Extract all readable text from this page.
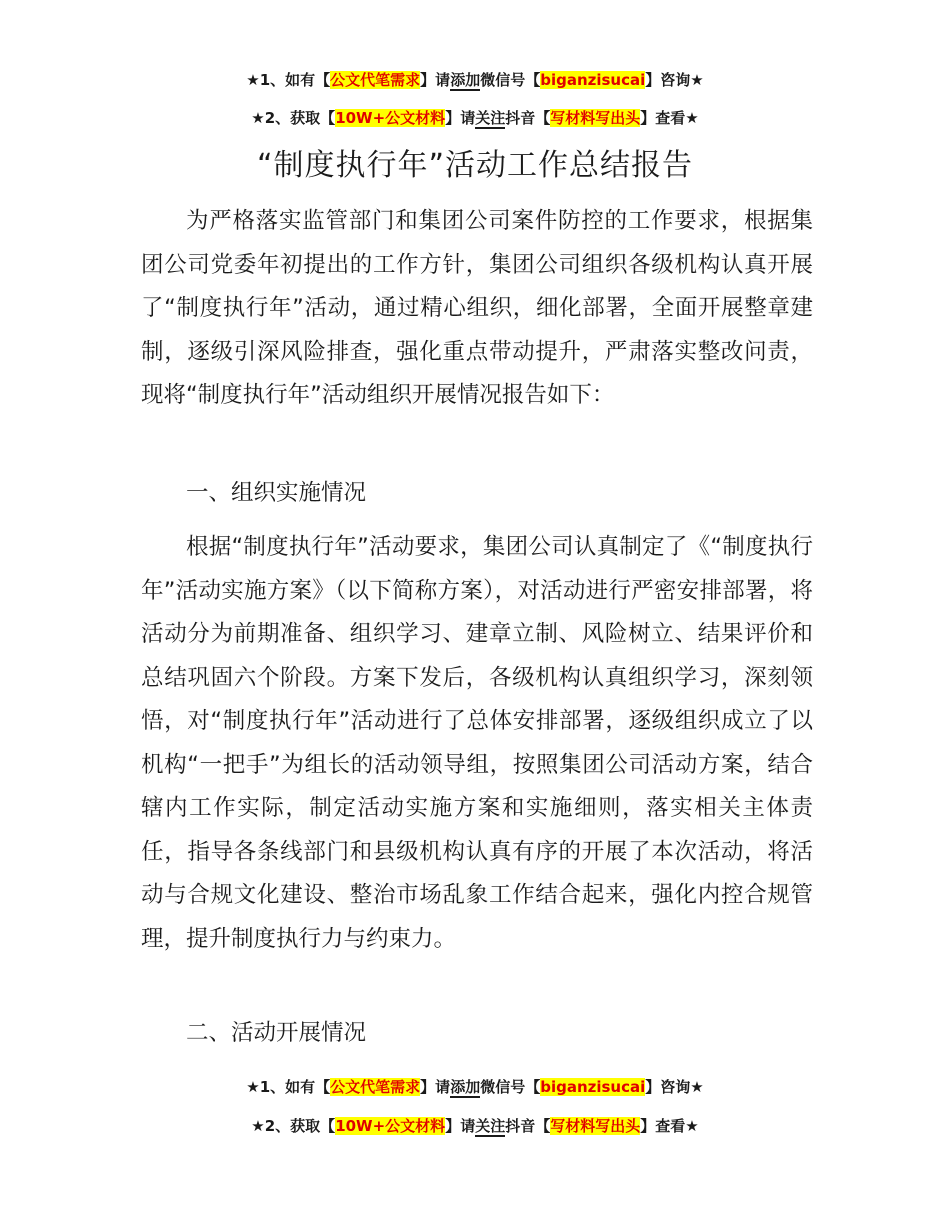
★1、如有【公文代笔需求】请添加微信号【biganzisucai】咨询★
★2、获取【10W+公文材料】请关注抖音【写材料写出头】查看★
“制度执行年”活动工作总结报告

为严格落实监管部门和集团公司案件防控的工作要求，根据集团公司党委年初提出的工作方针，集团公司组织各级机构认真开展了“制度执行年”活动，通过精心组织，细化部署，全面开展整章建制，逐级引深风险排查，强化重点带动提升，严肃落实整改问责，现将“制度执行年”活动组织开展情况报告如下：

一、组织实施情况

根据“制度执行年”活动要求，集团公司认真制定了《“制度执行年”活动实施方案》（以下简称方案），对活动进行严密安排部署，将活动分为前期准备、组织学习、建章立制、风险树立、结果评价和总结巩固六个阶段。方案下发后，各级机构认真组织学习，深刻领悟，对“制度执行年”活动进行了总体安排部署，逐级组织成立了以机构“一把手”为组长的活动领导组，按照集团公司活动方案，结合辖内工作实际，制定活动实施方案和实施细则，落实相关主体责任，指导各条线部门和县级机构认真有序的开展了本次活动，将活动与合规文化建设、整治市场乱象工作结合起来，强化内控合规管理，提升制度执行力与约束力。

二、活动开展情况

★1、如有【公文代笔需求】请添加微信号【biganzisucai】咨询★
★2、获取【10W+公文材料】请关注抖音【写材料写出头】查看★
